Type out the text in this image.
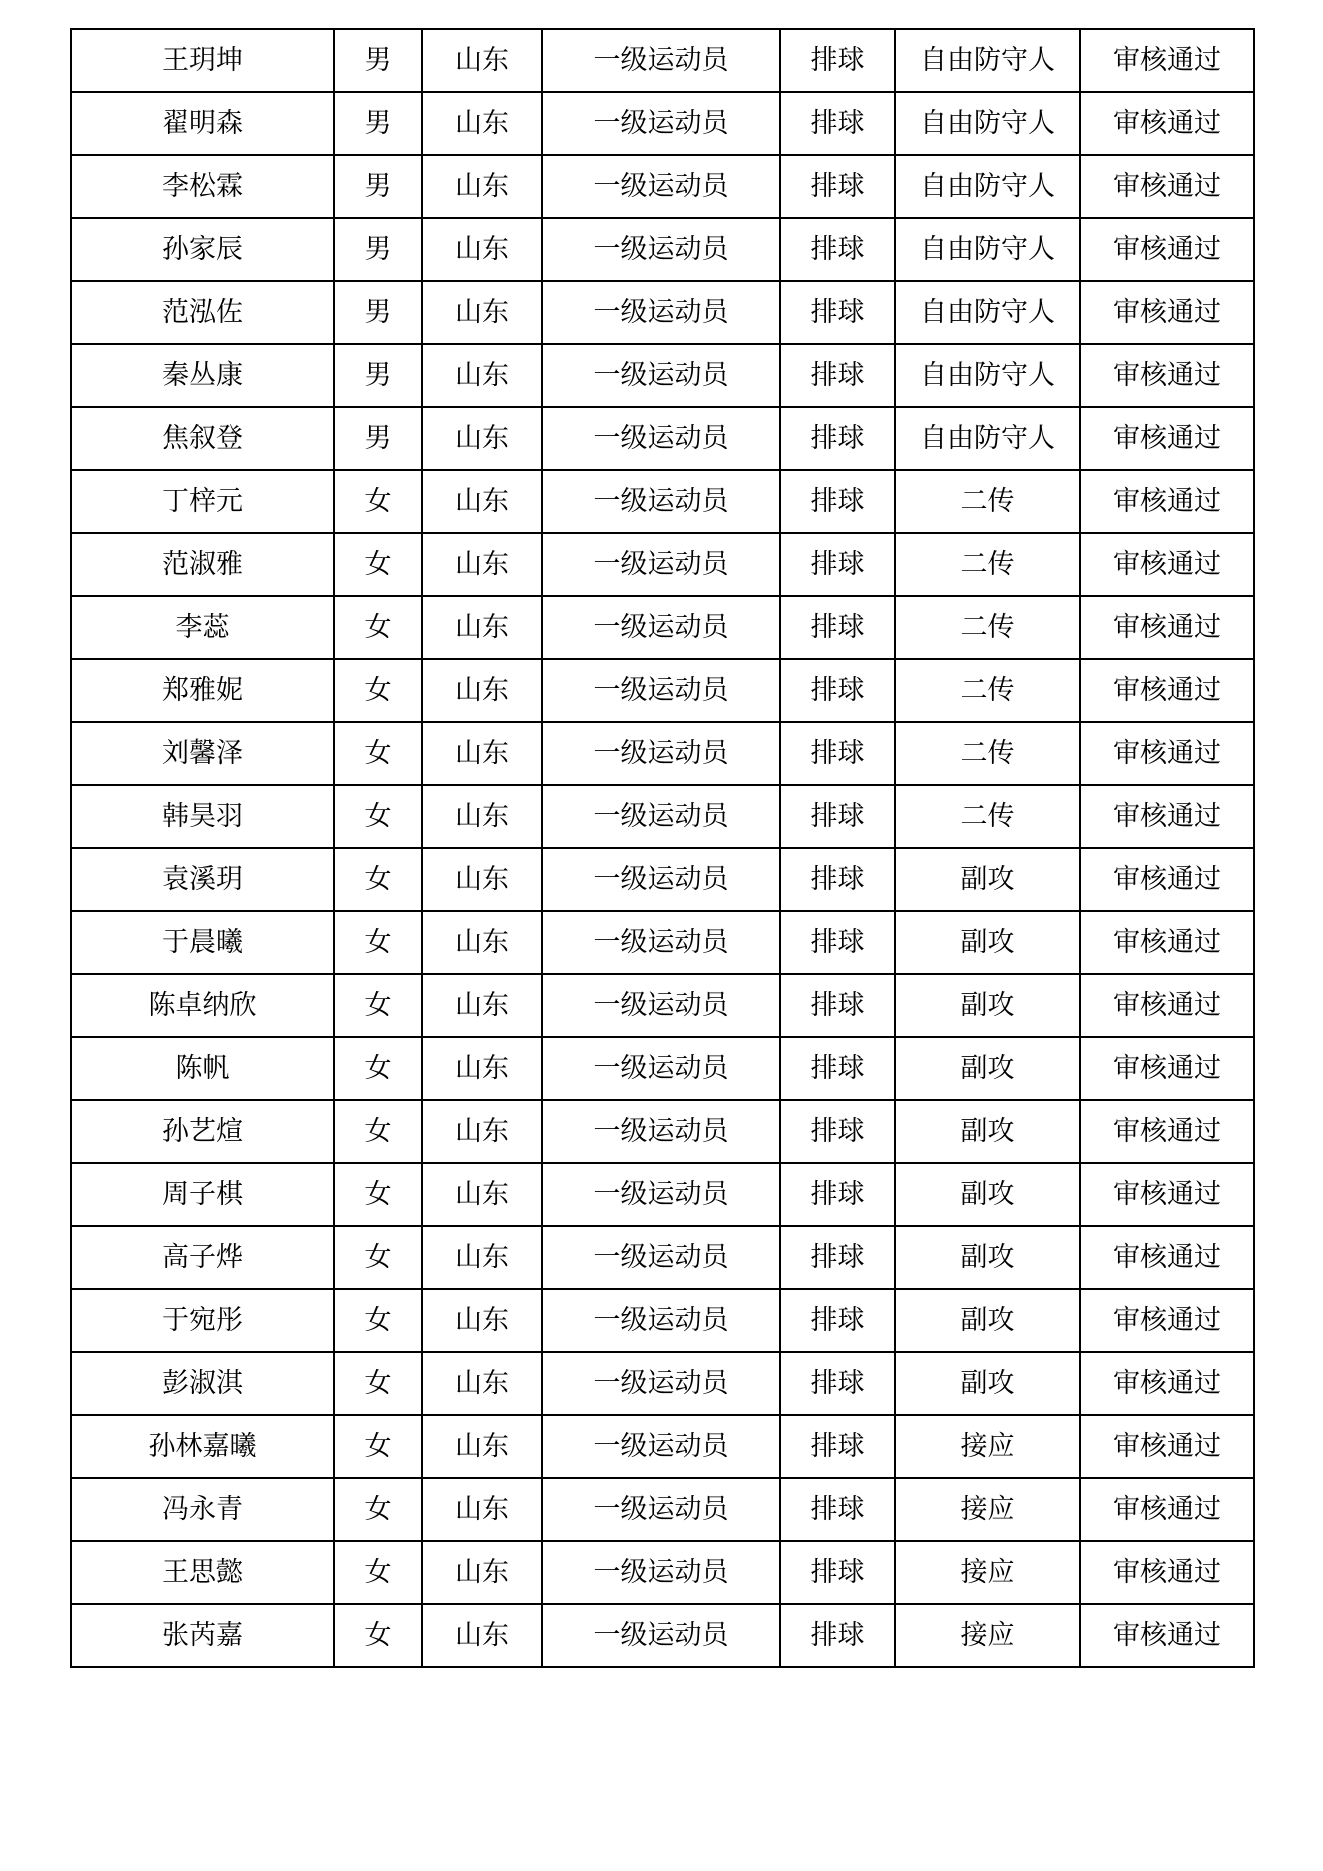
王玥坤	男	山东	一级运动员	排球	自由防守人	审核通过
翟明森	男	山东	一级运动员	排球	自由防守人	审核通过
李松霖	男	山东	一级运动员	排球	自由防守人	审核通过
孙家辰	男	山东	一级运动员	排球	自由防守人	审核通过
范泓佐	男	山东	一级运动员	排球	自由防守人	审核通过
秦丛康	男	山东	一级运动员	排球	自由防守人	审核通过
焦叙登	男	山东	一级运动员	排球	自由防守人	审核通过
丁梓元	女	山东	一级运动员	排球	二传	审核通过
范淑雅	女	山东	一级运动员	排球	二传	审核通过
李蕊	女	山东	一级运动员	排球	二传	审核通过
郑雅妮	女	山东	一级运动员	排球	二传	审核通过
刘馨泽	女	山东	一级运动员	排球	二传	审核通过
韩昊羽	女	山东	一级运动员	排球	二传	审核通过
袁溪玥	女	山东	一级运动员	排球	副攻	审核通过
于晨曦	女	山东	一级运动员	排球	副攻	审核通过
陈卓纳欣	女	山东	一级运动员	排球	副攻	审核通过
陈帆	女	山东	一级运动员	排球	副攻	审核通过
孙艺煊	女	山东	一级运动员	排球	副攻	审核通过
周子棋	女	山东	一级运动员	排球	副攻	审核通过
高子烨	女	山东	一级运动员	排球	副攻	审核通过
于宛彤	女	山东	一级运动员	排球	副攻	审核通过
彭淑淇	女	山东	一级运动员	排球	副攻	审核通过
孙林嘉曦	女	山东	一级运动员	排球	接应	审核通过
冯永青	女	山东	一级运动员	排球	接应	审核通过
王思懿	女	山东	一级运动员	排球	接应	审核通过
张芮嘉	女	山东	一级运动员	排球	接应	审核通过
